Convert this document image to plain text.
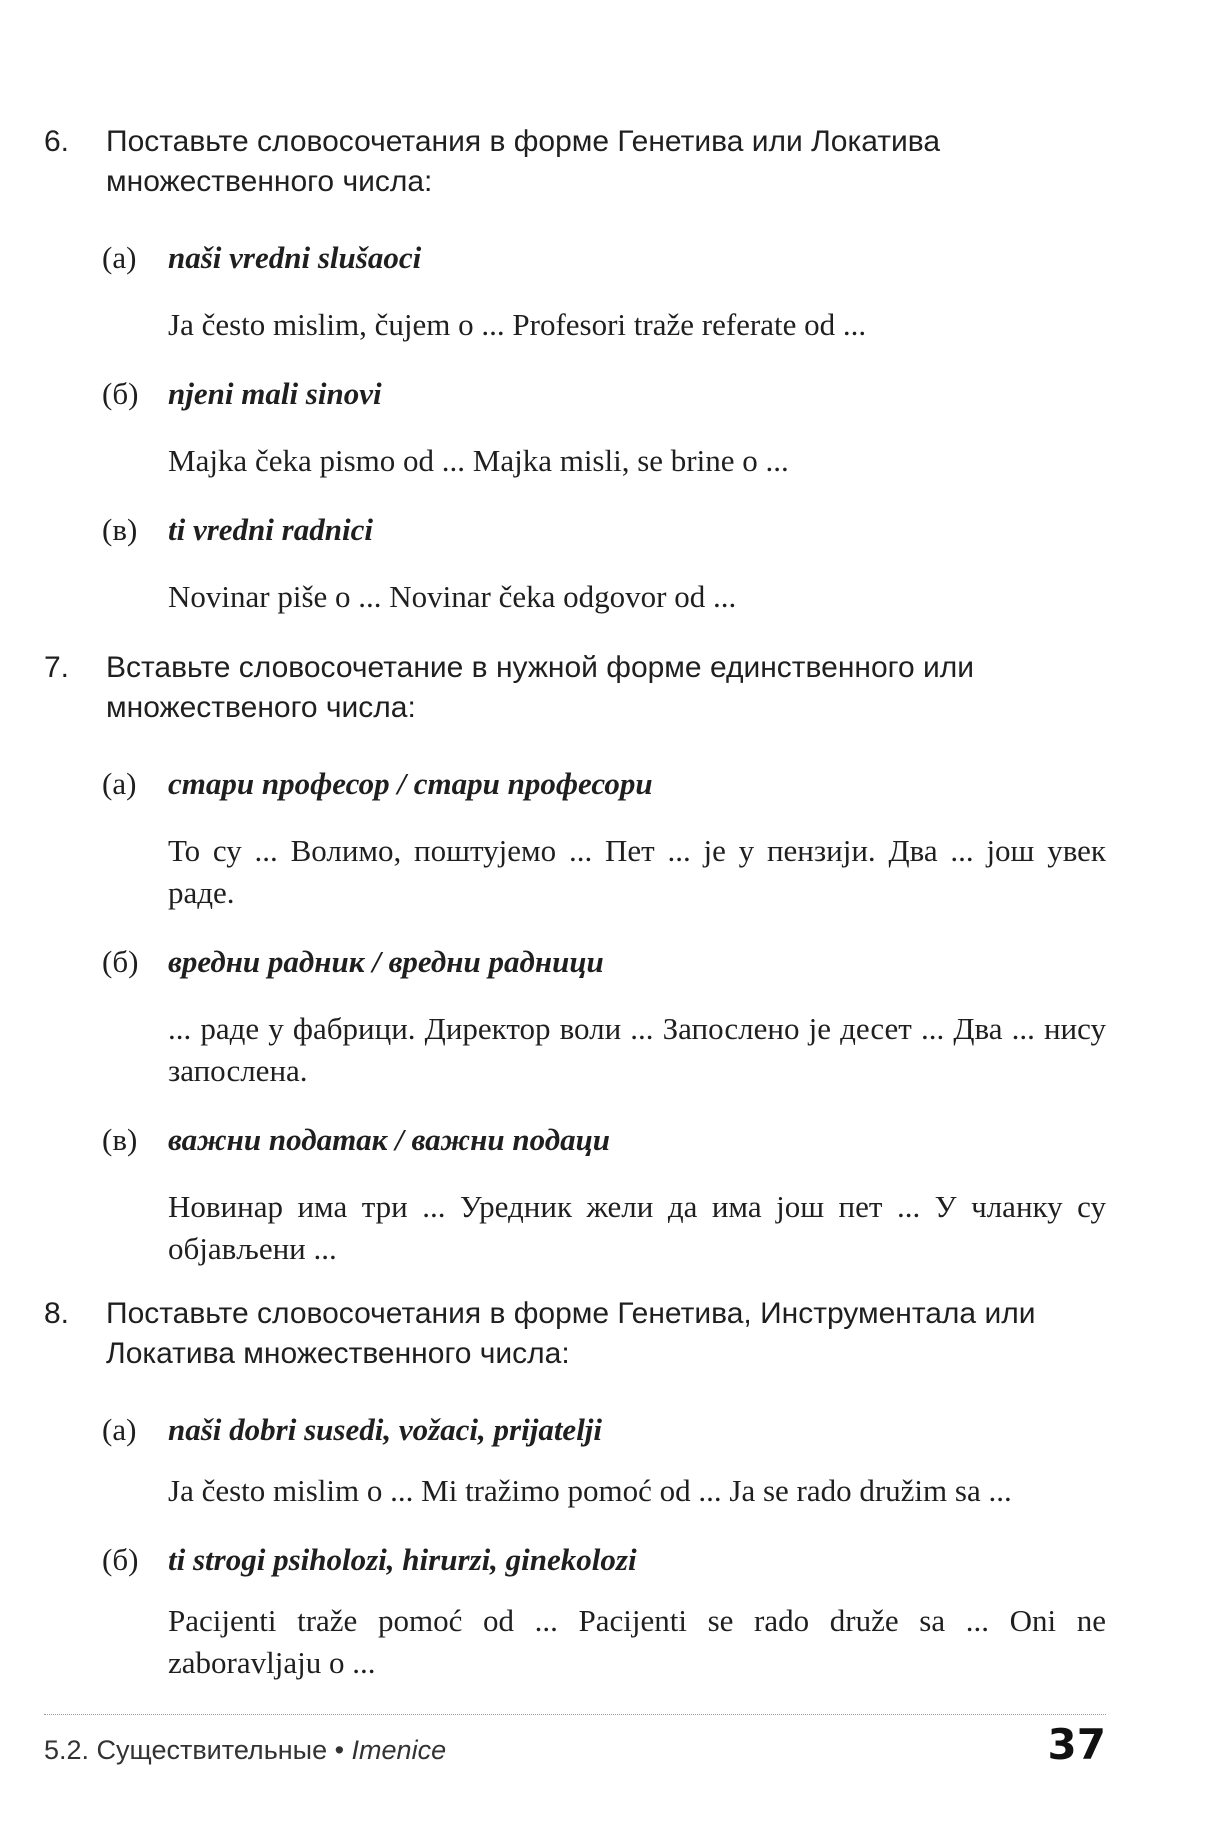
6. Поставьте словосочетания в форме Генетива или Локатива множественного числа:

(а) naši vredni slušaoci
Ja često mislim, čujem o ... Profesori traže referate od ...
(б) njeni mali sinovi
Majka čeka pismo od ... Majka misli, se brine o ...
(в) ti vredni radnici
Novinar piše o ... Novinar čeka odgovor od ...
7. Вставьте словосочетание в нужной форме единственного или множественого числа:

(а) стари професор / стари професори
То су ... Волимо, поштујемо ... Пет ... је у пензији. Два ... још увек раде.
(б) вредни радник / вредни радници
... раде у фабрици. Директор воли ... Запослено је десет ... Два ... нису запослена.
(в) важни податак / важни подаци
Новинар има три ... Уредник жели да има још пет ... У чланку су објављени ...
8. Поставьте словосочетания в форме Генетива, Инструментала или Локатива множественного числа:

(а) naši dobri susedi, vožaci, prijatelji
Ja često mislim o ... Mi tražimo pomoć od ... Ja se rado družim sa ...
(б) ti strogi psiholozi, hirurzi, ginekolozi
Pacijenti traže pomoć od ... Pacijenti se rado druže sa ... Oni ne zaboravljaju o ...
5.2. Существительные • Imenice	37
